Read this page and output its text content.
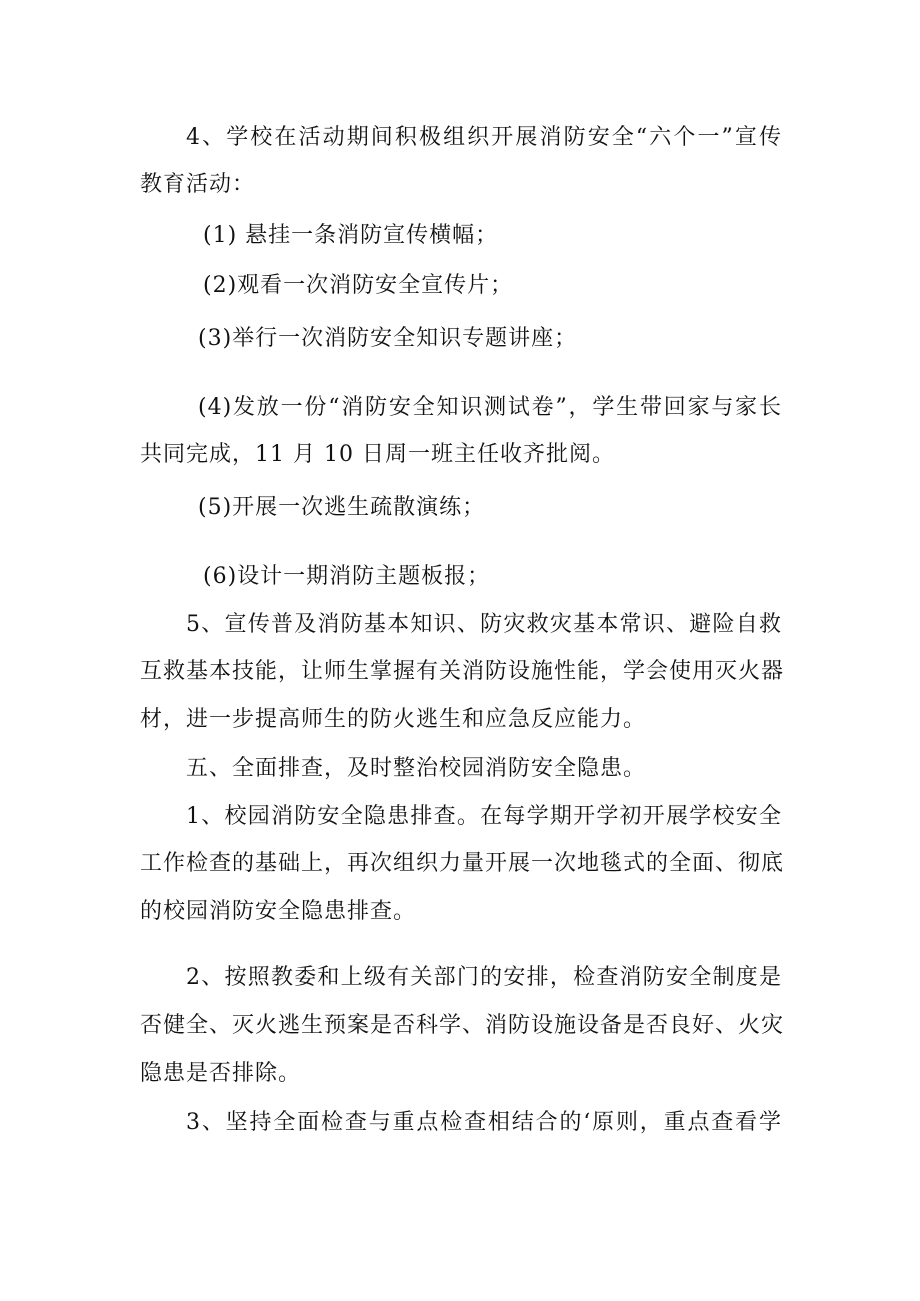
4、学校在活动期间积极组织开展消防安全“六个一”宣传
教育活动：
(1) 悬挂一条消防宣传横幅；
(2)观看一次消防安全宣传片；
(3)举行一次消防安全知识专题讲座；
(4)发放一份“消防安全知识测试卷”，学生带回家与家长
共同完成，11 月 10 日周一班主任收齐批阅。
(5)开展一次逃生疏散演练；
(6)设计一期消防主题板报；
5、宣传普及消防基本知识、防灾救灾基本常识、避险自救
互救基本技能，让师生掌握有关消防设施性能，学会使用灭火器
材，进一步提高师生的防火逃生和应急反应能力。
五、全面排查，及时整治校园消防安全隐患。
1、校园消防安全隐患排查。在每学期开学初开展学校安全
工作检查的基础上，再次组织力量开展一次地毯式的全面、彻底
的校园消防安全隐患排查。
2、按照教委和上级有关部门的安排，检查消防安全制度是
否健全、灭火逃生预案是否科学、消防设施设备是否良好、火灾
隐患是否排除。
3、坚持全面检查与重点检查相结合的‘原则，重点查看学
